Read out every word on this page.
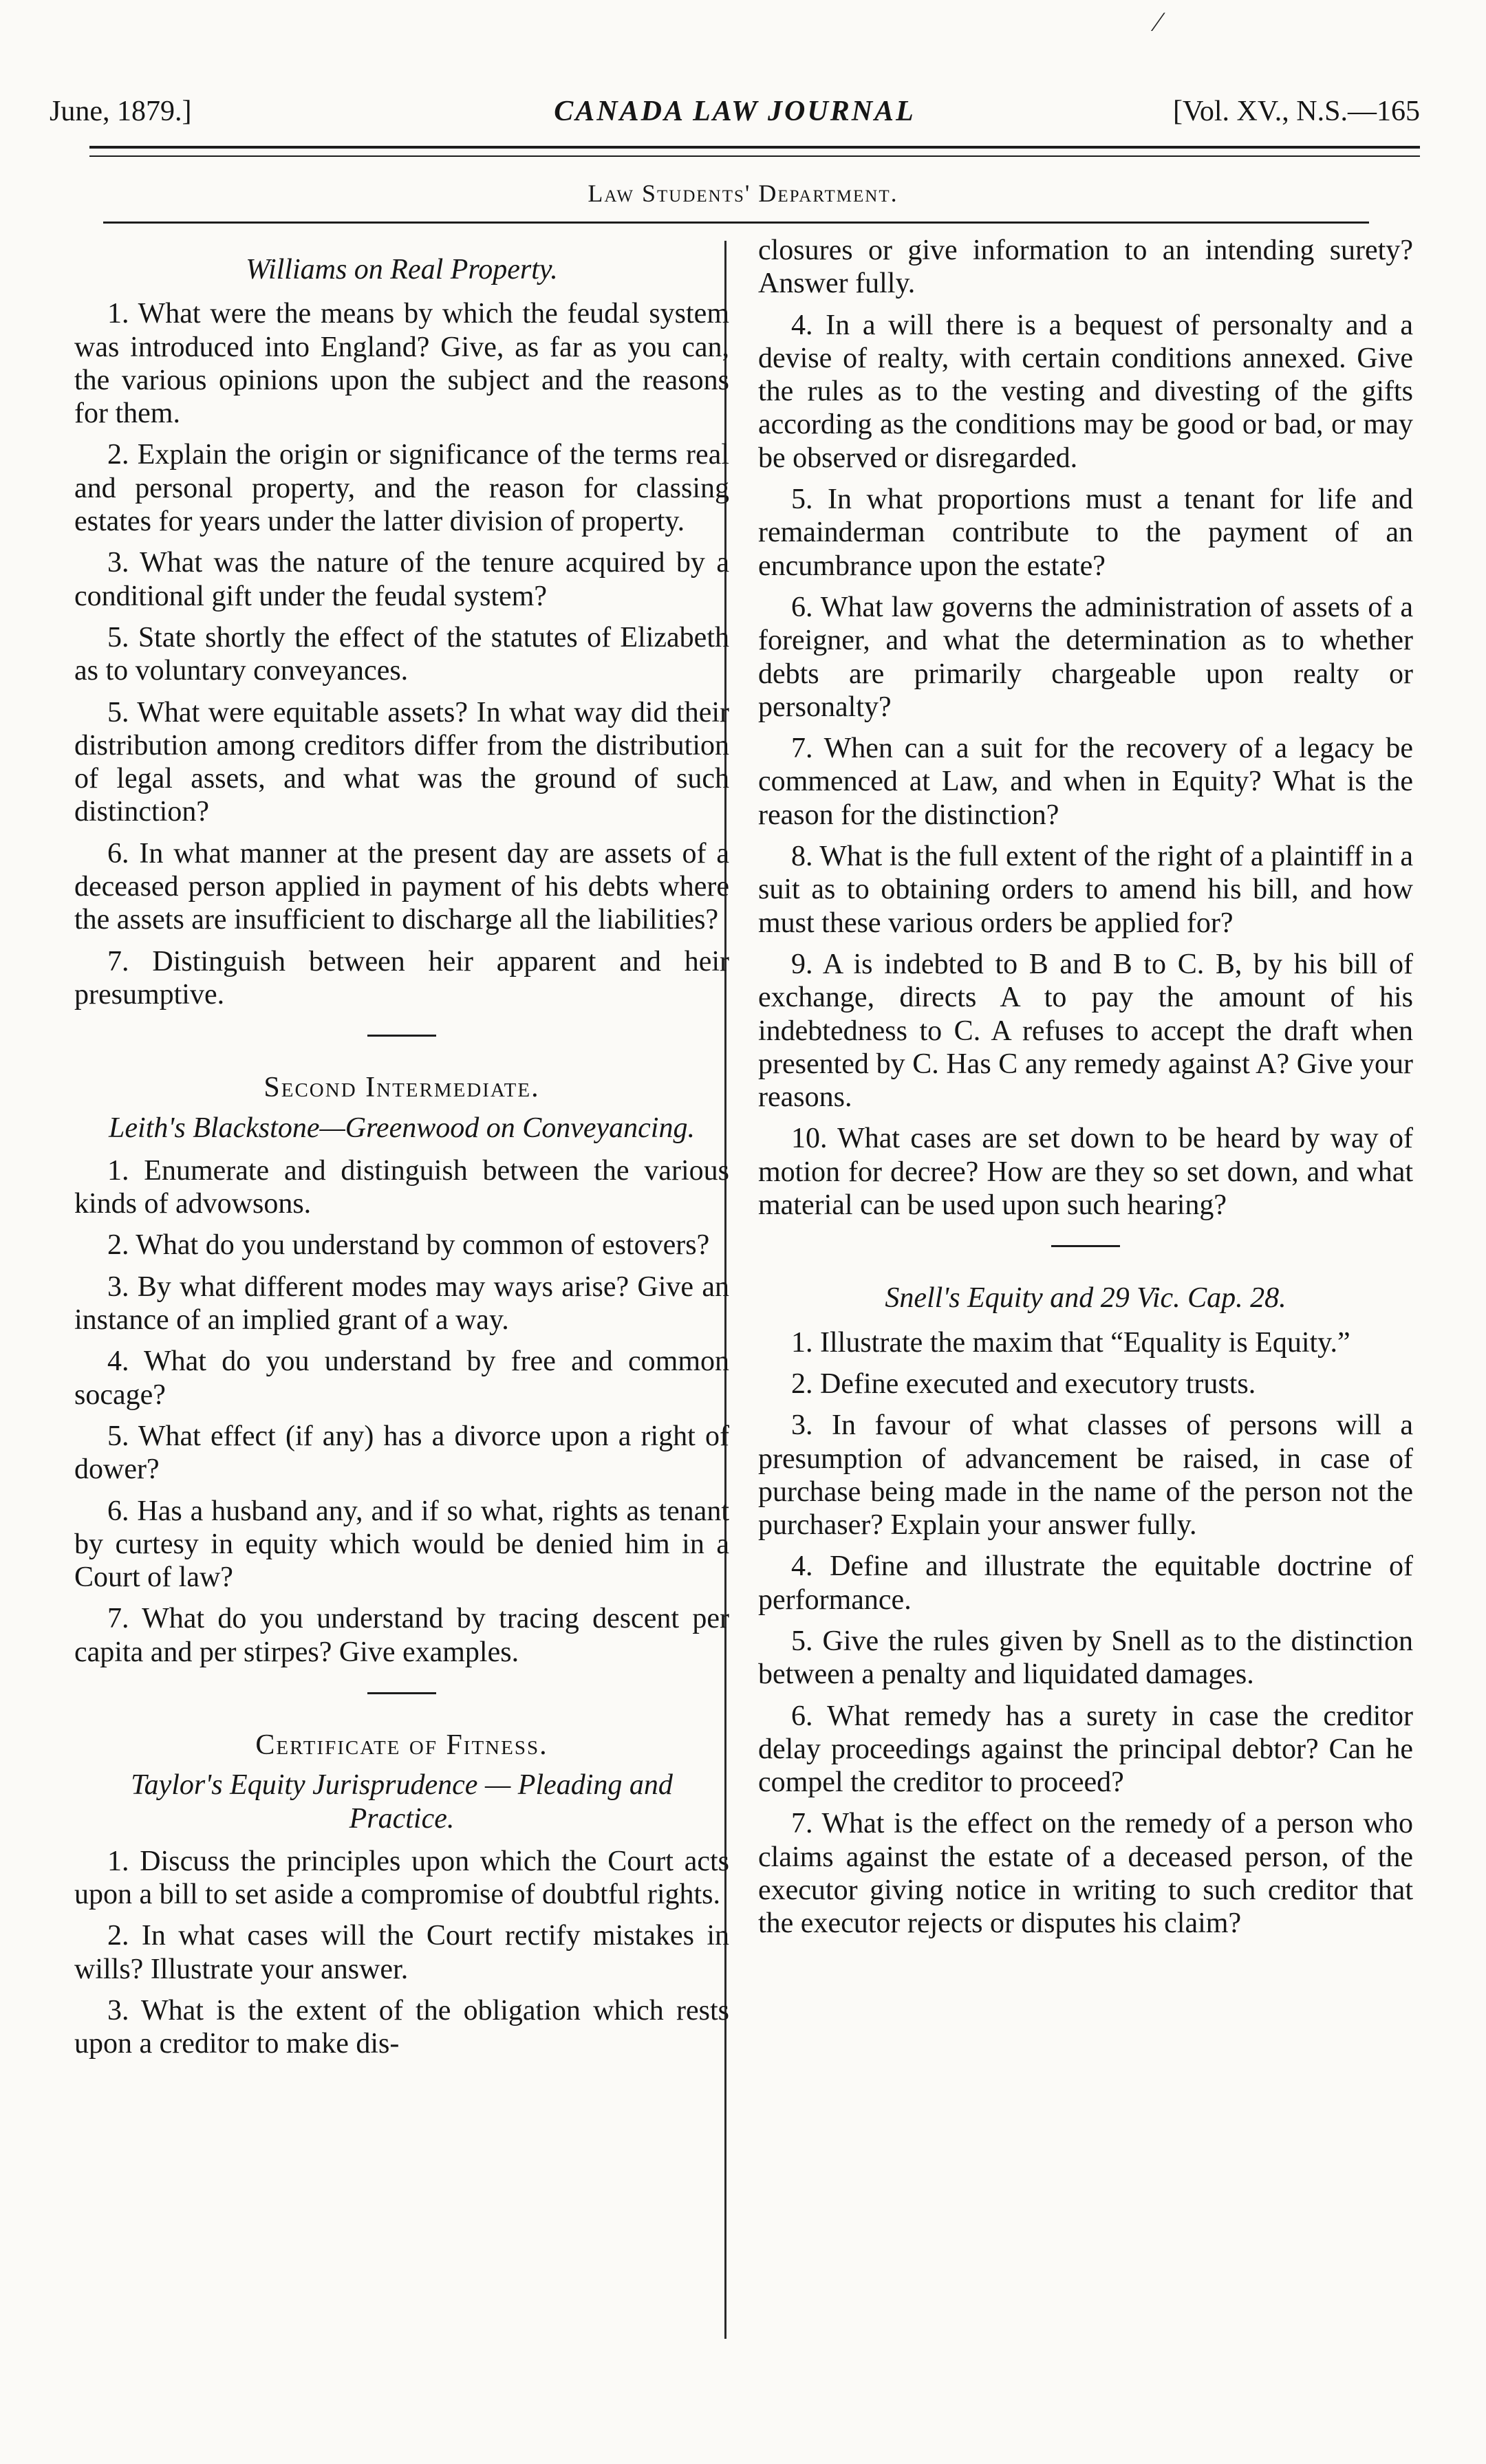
⁄
CANADA LAW JOURNAL
June, 1879.]	[Vol. XV., N.S.—165
Law Students' Department.
Williams on Real Property.

1. What were the means by which the feudal system was introduced into England? Give, as far as you can, the various opinions upon the subject and the reasons for them.

2. Explain the origin or significance of the terms real and personal property, and the reason for classing estates for years under the latter division of property.

3. What was the nature of the tenure acquired by a conditional gift under the feudal system?

5. State shortly the effect of the statutes of Elizabeth as to voluntary conveyances.

5. What were equitable assets? In what way did their distribution among creditors differ from the distribution of legal assets, and what was the ground of such distinction?

6. In what manner at the present day are assets of a deceased person applied in payment of his debts where the assets are insufficient to discharge all the liabilities?

7. Distinguish between heir apparent and heir presumptive.

Second Intermediate.
Leith's Blackstone—Greenwood on Conveyancing.

1. Enumerate and distinguish between the various kinds of advowsons.

2. What do you understand by common of estovers?

3. By what different modes may ways arise? Give an instance of an implied grant of a way.

4. What do you understand by free and common socage?

5. What effect (if any) has a divorce upon a right of dower?

6. Has a husband any, and if so what, rights as tenant by curtesy in equity which would be denied him in a Court of law?

7. What do you understand by tracing descent per capita and per stirpes? Give examples.

Certificate of Fitness.
Taylor's Equity Jurisprudence — Pleading and Practice.

1. Discuss the principles upon which the Court acts upon a bill to set aside a compromise of doubtful rights.

2. In what cases will the Court rectify mistakes in wills? Illustrate your answer.

3. What is the extent of the obligation which rests upon a creditor to make dis-

closures or give information to an intending surety? Answer fully.

4. In a will there is a bequest of personalty and a devise of realty, with certain conditions annexed. Give the rules as to the vesting and divesting of the gifts according as the conditions may be good or bad, or may be observed or disregarded.

5. In what proportions must a tenant for life and remainderman contribute to the payment of an encumbrance upon the estate?

6. What law governs the administration of assets of a foreigner, and what the determination as to whether debts are primarily chargeable upon realty or personalty?

7. When can a suit for the recovery of a legacy be commenced at Law, and when in Equity? What is the reason for the distinction?

8. What is the full extent of the right of a plaintiff in a suit as to obtaining orders to amend his bill, and how must these various orders be applied for?

9. A is indebted to B and B to C. B, by his bill of exchange, directs A to pay the amount of his indebtedness to C. A refuses to accept the draft when presented by C. Has C any remedy against A? Give your reasons.

10. What cases are set down to be heard by way of motion for decree? How are they so set down, and what material can be used upon such hearing?

Snell's Equity and 29 Vic. Cap. 28.

1. Illustrate the maxim that “Equality is Equity.”

2. Define executed and executory trusts.

3. In favour of what classes of persons will a presumption of advancement be raised, in case of purchase being made in the name of the person not the purchaser? Explain your answer fully.

4. Define and illustrate the equitable doctrine of performance.

5. Give the rules given by Snell as to the distinction between a penalty and liquidated damages.

6. What remedy has a surety in case the creditor delay proceedings against the principal debtor? Can he compel the creditor to proceed?

7. What is the effect on the remedy of a person who claims against the estate of a deceased person, of the executor giving notice in writing to such creditor that the executor rejects or disputes his claim?
